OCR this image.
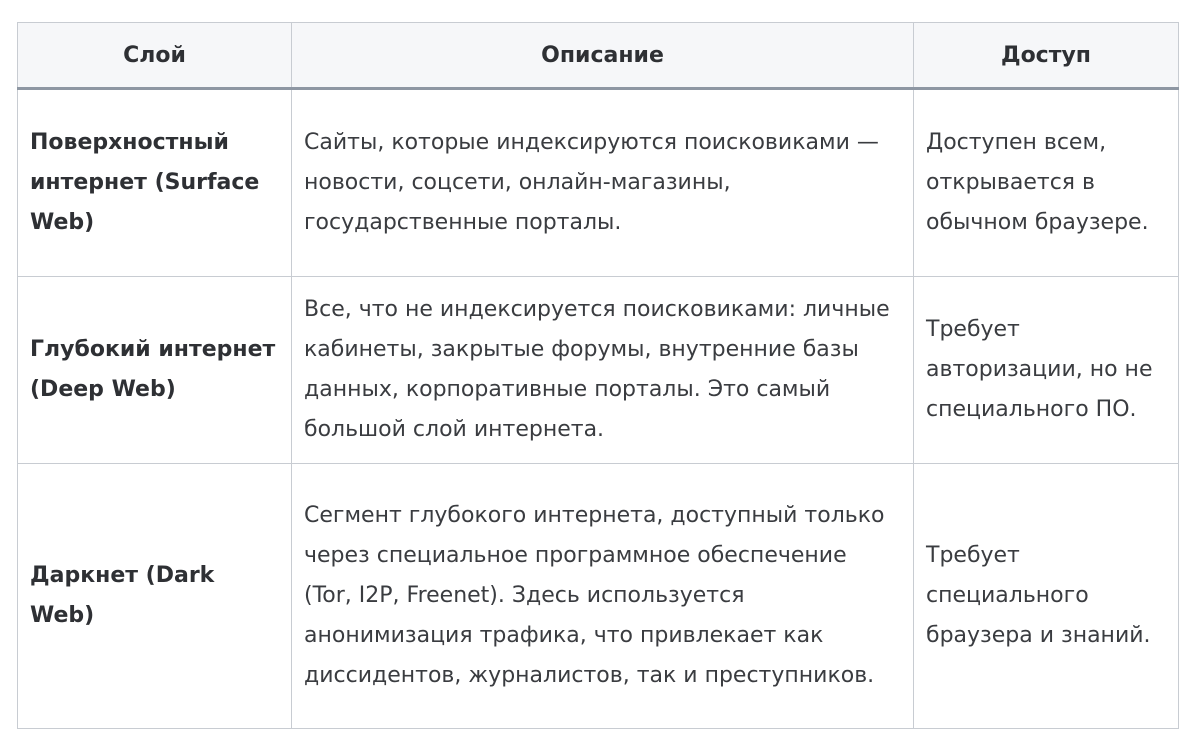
Слой	Описание	Доступ

Поверхностный интернет (Surface Web)	Сайты, которые индексируются поисковиками — новости, соцсети, онлайн-магазины, государственные порталы.	Доступен всем, открывается в обычном браузере.

Глубокий интернет (Deep Web)	Все, что не индексируется поисковиками: личные кабинеты, закрытые форумы, внутренние базы данных, корпоративные порталы. Это самый большой слой интернета.	Требует авторизации, но не специального ПО.

Даркнет (Dark Web)	Сегмент глубокого интернета, доступный только через специальное программное обеспечение (Tor, I2P, Freenet). Здесь используется анонимизация трафика, что привлекает как диссидентов, журналистов, так и преступников.	Требует специального браузера и знаний.
